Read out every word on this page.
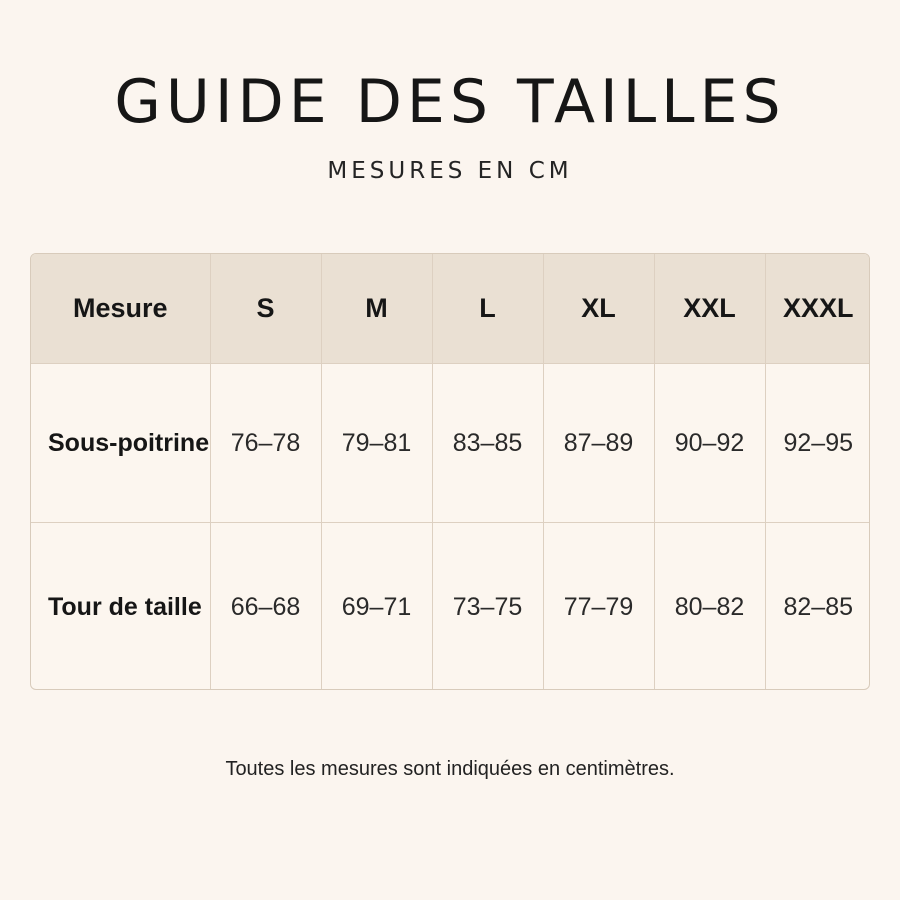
GUIDE DES TAILLES
MESURES EN CM
Mesure	S	M	L	XL	XXL	XXXL
Sous-poitrine	76–78	79–81	83–85	87–89	90–92	92–95
Tour de taille	66–68	69–71	73–75	77–79	80–82	82–85
Toutes les mesures sont indiquées en centimètres.
